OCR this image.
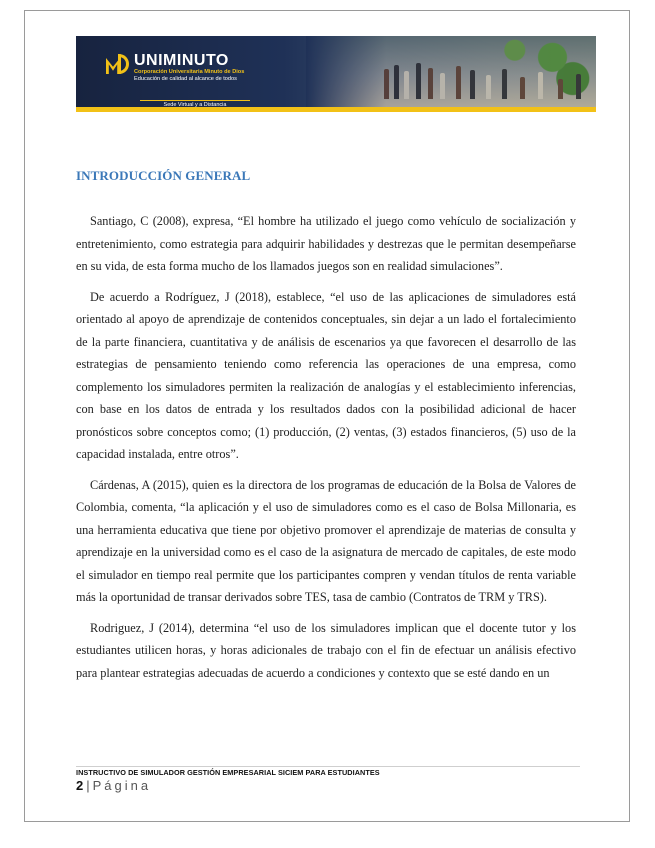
UNIMINUTO
Corporación Universitaria Minuto de Dios
Educación de calidad al alcance de todos
Sede Virtual y a Distancia
INTRODUCCIÓN GENERAL

Santiago, C (2008), expresa, “El hombre ha utilizado el juego como vehículo de socialización y entretenimiento, como estrategia para adquirir habilidades y destrezas que le permitan desempeñarse en su vida, de esta forma mucho de los llamados juegos son en realidad simulaciones”.

De acuerdo a Rodríguez, J (2018), establece, “el uso de las aplicaciones de simuladores está orientado al apoyo de aprendizaje de contenidos conceptuales, sin dejar a un lado el fortalecimiento de la parte financiera, cuantitativa y de análisis de escenarios ya que favorecen el desarrollo de las estrategias de pensamiento teniendo como referencia las operaciones de una empresa, como complemento los simuladores permiten la realización de analogías y el establecimiento inferencias, con base en los datos de entrada y los resultados dados con la posibilidad adicional de hacer pronósticos sobre conceptos como; (1) producción, (2) ventas, (3) estados financieros, (5) uso de la capacidad instalada, entre otros”.

Cárdenas, A (2015), quien es la directora de los programas de educación de la Bolsa de Valores de Colombia, comenta, “la aplicación y el uso de simuladores como es el caso de Bolsa Millonaria, es una herramienta educativa que tiene por objetivo promover el aprendizaje de materias de consulta y aprendizaje en la universidad como es el caso de la asignatura de mercado de capitales, de este modo el simulador en tiempo real permite que los participantes compren y vendan títulos de renta variable más la oportunidad de transar derivados sobre TES, tasa de cambio (Contratos de TRM y TRS).

Rodriguez, J (2014), determina “el uso de los simuladores implican que el docente tutor y los estudiantes utilicen horas, y horas adicionales de trabajo con el fin de efectuar un análisis efectivo para plantear estrategias adecuadas de acuerdo a condiciones y contexto que se esté dando en un

INSTRUCTIVO DE SIMULADOR GESTIÓN EMPRESARIAL SICIEM PARA ESTUDIANTES
2 | Página
